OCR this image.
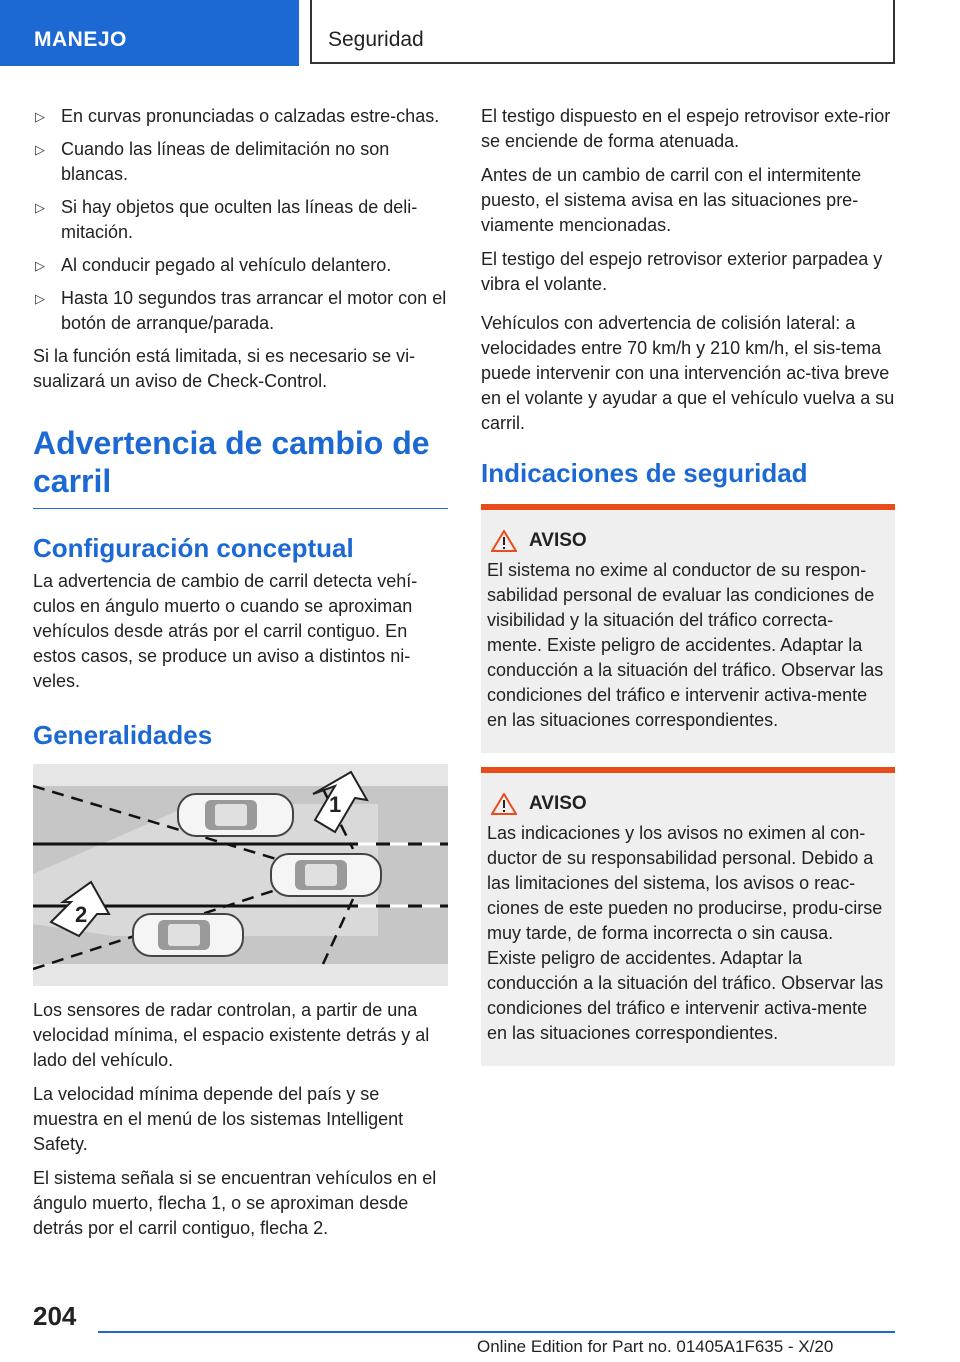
MANEJO	Seguridad
▷ En curvas pronunciadas o calzadas estre-chas.
▷ Cuando las líneas de delimitación no son blancas.
▷ Si hay objetos que oculten las líneas de deli-mitación.
▷ Al conducir pegado al vehículo delantero.
▷ Hasta 10 segundos tras arrancar el motor con el botón de arranque/parada.

Si la función está limitada, si es necesario se vi-sualizará un aviso de Check-Control.

Advertencia de cambio de carril
Configuración conceptual

La advertencia de cambio de carril detecta vehí-culos en ángulo muerto o cuando se aproximan vehículos desde atrás por el carril contiguo. En estos casos, se produce un aviso a distintos ni-veles.

Generalidades
1
2

Los sensores de radar controlan, a partir de una velocidad mínima, el espacio existente detrás y al lado del vehículo.

La velocidad mínima depende del país y se muestra en el menú de los sistemas Intelligent Safety.

El sistema señala si se encuentran vehículos en el ángulo muerto, flecha 1, o se aproximan desde detrás por el carril contiguo, flecha 2.

El testigo dispuesto en el espejo retrovisor exte-rior se enciende de forma atenuada.

Antes de un cambio de carril con el intermitente puesto, el sistema avisa en las situaciones pre-viamente mencionadas.

El testigo del espejo retrovisor exterior parpadea y vibra el volante.

Vehículos con advertencia de colisión lateral: a velocidades entre 70 km/h y 210 km/h, el sis-tema puede intervenir con una intervención ac-tiva breve en el volante y ayudar a que el vehículo vuelva a su carril.

Indicaciones de seguridad
AVISO

El sistema no exime al conductor de su respon-sabilidad personal de evaluar las condiciones de visibilidad y la situación del tráfico correcta-mente. Existe peligro de accidentes. Adaptar la conducción a la situación del tráfico. Observar las condiciones del tráfico e intervenir activa-mente en las situaciones correspondientes.

AVISO

Las indicaciones y los avisos no eximen al con-ductor de su responsabilidad personal. Debido a las limitaciones del sistema, los avisos o reac-ciones de este pueden no producirse, produ-cirse muy tarde, de forma incorrecta o sin causa. Existe peligro de accidentes. Adaptar la conducción a la situación del tráfico. Observar las condiciones del tráfico e intervenir activa-mente en las situaciones correspondientes.

204
Online Edition for Part no. 01405A1F635 - X/20
